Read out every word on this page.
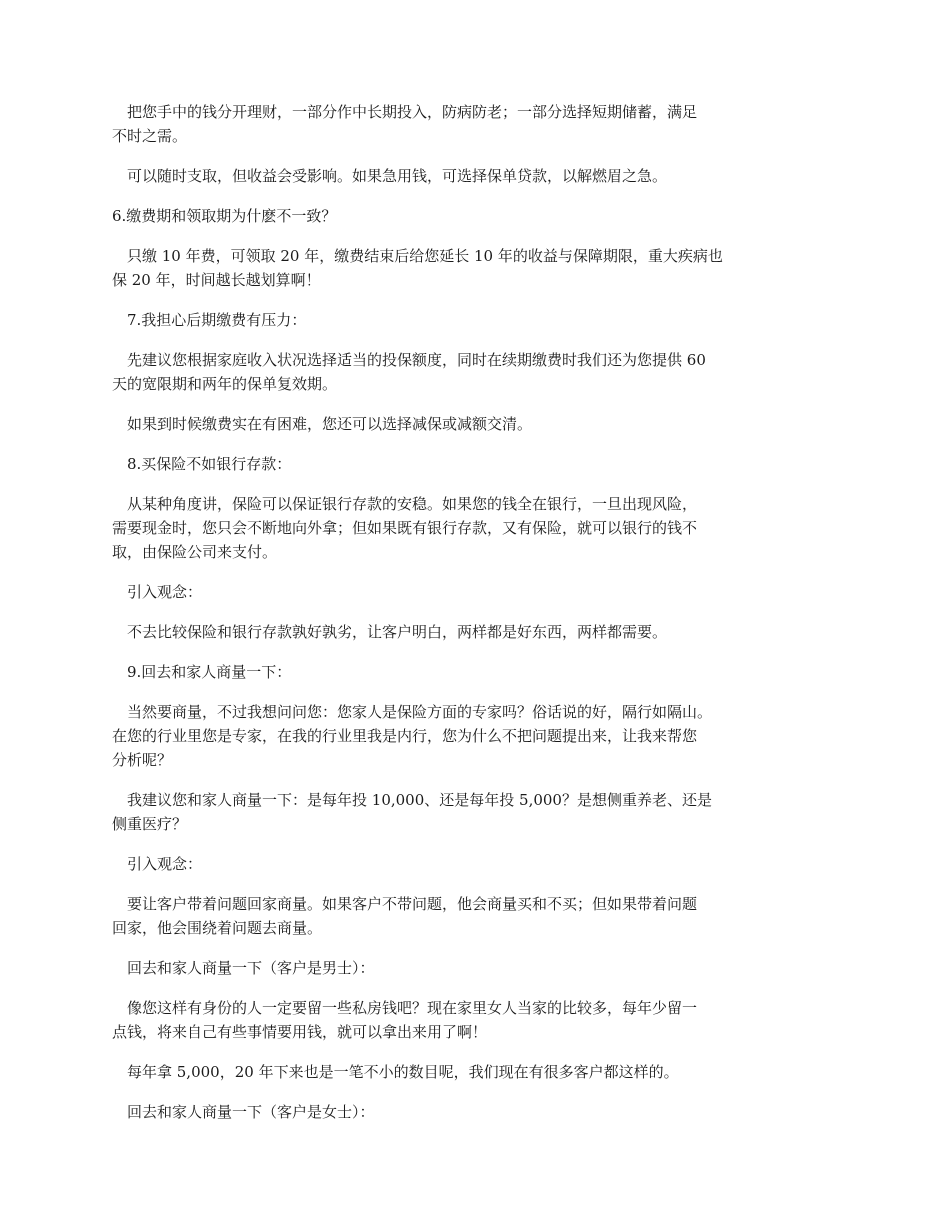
把您手中的钱分开理财，一部分作中长期投入，防病防老；一部分选择短期储蓄，满足
不时之需。
可以随时支取，但收益会受影响。如果急用钱，可选择保单贷款，以解燃眉之急。
6.缴费期和领取期为什麽不一致？
只缴 10 年费，可领取 20 年，缴费结束后给您延长 10 年的收益与保障期限，重大疾病也
保 20 年，时间越长越划算啊！
7.我担心后期缴费有压力：
先建议您根据家庭收入状况选择适当的投保额度，同时在续期缴费时我们还为您提供 60
天的宽限期和两年的保单复效期。
如果到时候缴费实在有困难，您还可以选择减保或减额交清。
8.买保险不如银行存款：
从某种角度讲，保险可以保证银行存款的安稳。如果您的钱全在银行，一旦出现风险，
需要现金时，您只会不断地向外拿；但如果既有银行存款，又有保险，就可以银行的钱不
取，由保险公司来支付。
引入观念：
不去比较保险和银行存款孰好孰劣，让客户明白，两样都是好东西，两样都需要。
9.回去和家人商量一下：
当然要商量，不过我想问问您：您家人是保险方面的专家吗？俗话说的好，隔行如隔山。
在您的行业里您是专家，在我的行业里我是内行，您为什么不把问题提出来，让我来帮您
分析呢？
我建议您和家人商量一下：是每年投 10,000、还是每年投 5,000？是想侧重养老、还是
侧重医疗？
引入观念：
要让客户带着问题回家商量。如果客户不带问题，他会商量买和不买；但如果带着问题
回家，他会围绕着问题去商量。
回去和家人商量一下（客户是男士）：
像您这样有身份的人一定要留一些私房钱吧？现在家里女人当家的比较多，每年少留一
点钱，将来自己有些事情要用钱，就可以拿出来用了啊！
每年拿 5,000，20 年下来也是一笔不小的数目呢，我们现在有很多客户都这样的。
回去和家人商量一下（客户是女士）：
